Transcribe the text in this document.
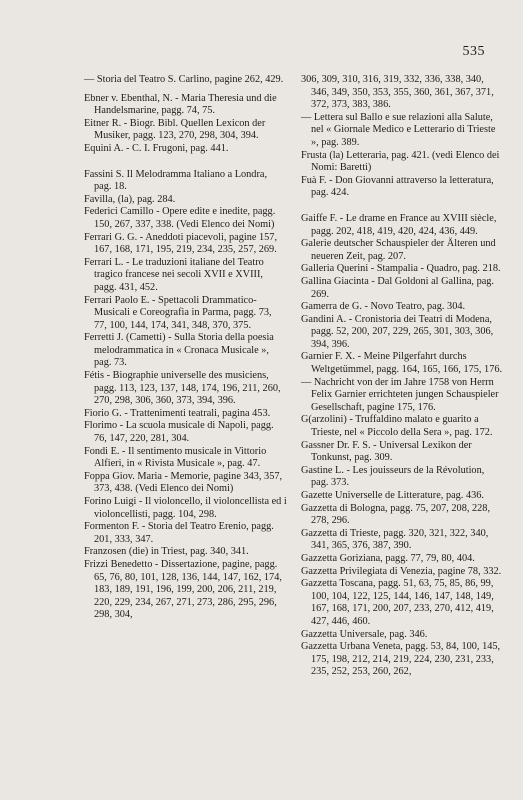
535

— Storia del Teatro S. Carlino, pagine 262, 429.

Ebner v. Ebenthal, N. - Maria Theresia und die Handelsmarine, pagg. 74, 75.

Eitner R. - Biogr. Bibl. Quellen Lexicon der Musiker, pagg. 123, 270, 298, 304, 394.

Equini A. - C. I. Frugoni, pag. 441.

Fassini S. Il Melodramma Italiano a Londra, pag. 18.

Favilla, (la), pag. 284.

Federici Camillo - Opere edite e inedite, pagg. 150, 267, 337, 338. (Vedi Elenco dei Nomi)

Ferrari G. G. - Aneddoti piacevoli, pagine 157, 167, 168, 171, 195, 219, 234, 235, 257, 269.

Ferrari L. - Le traduzioni italiane del Teatro tragico francese nei secoli XVII e XVIII, pagg. 431, 452.

Ferrari Paolo E. - Spettacoli Drammatico-Musicali e Coreografia in Parma, pagg. 73, 77, 100, 144, 174, 341, 348, 370, 375.

Ferretti J. (Cametti) - Sulla Storia della poesia melodrammatica in « Cronaca Musicale », pag. 73.

Fétis - Biographie universelle des musiciens, pagg. 113, 123, 137, 148, 174, 196, 211, 260, 270, 298, 306, 360, 373, 394, 396.

Fiorio G. - Trattenimenti teatrali, pagina 453.

Florimo - La scuola musicale di Napoli, pagg. 76, 147, 220, 281, 304.

Fondi E. - Il sentimento musicale in Vittorio Alfieri, in « Rivista Musicale », pag. 47.

Foppa Giov. Maria - Memorie, pagine 343, 357, 373, 438. (Vedi Elenco dei Nomi)

Forino Luigi - Il violoncello, il violoncellista ed i violoncellisti, pagg. 104, 298.

Formenton F. - Storia del Teatro Erenio, pagg. 201, 333, 347.

Franzosen (die) in Triest, pag. 340, 341.

Frizzi Benedetto - Dissertazione, pagine, pagg. 65, 76, 80, 101, 128, 136, 144, 147, 162, 174, 183, 189, 191, 196, 199, 200, 206, 211, 219, 220, 229, 234, 267, 271, 273, 286, 295, 296, 298, 304,

306, 309, 310, 316, 319, 332, 336, 338, 340, 346, 349, 350, 353, 355, 360, 361, 367, 371, 372, 373, 383, 386.

— Lettera sul Ballo e sue relazioni alla Salute, nel « Giornale Medico e Letterario di Trieste », pag. 389.

Frusta (la) Letteraria, pag. 421. (vedi Elenco dei Nomi: Baretti)

Fuà F. - Don Giovanni attraverso la letteratura, pag. 424.

Gaiffe F. - Le drame en France au XVIII siècle, pagg. 202, 418, 419, 420, 424, 436, 449.

Galerie deutscher Schauspieler der Älteren und neueren Zeit, pag. 207.

Galleria Querini - Stampalia - Quadro, pag. 218.

Gallina Giacinta - Dal Goldoni al Gallina, pag. 269.

Gamerra de G. - Novo Teatro, pag. 304.

Gandini A. - Cronistoria dei Teatri di Modena, pagg. 52, 200, 207, 229, 265, 301, 303, 306, 394, 396.

Garnier F. X. - Meine Pilgerfahrt durchs Weltgetümmel, pagg. 164, 165, 166, 175, 176.

— Nachricht von der im Jahre 1758 von Herrn Felix Garnier errichteten jungen Schauspieler Gesellschaft, pagine 175, 176.

G(arzolini) - Truffaldino malato e guarito a Trieste, nel « Piccolo della Sera », pag. 172.

Gassner Dr. F. S. - Universal Lexikon der Tonkunst, pag. 309.

Gastine L. - Les jouisseurs de la Révolution, pag. 373.

Gazette Universelle de Litterature, pag. 436.

Gazzetta di Bologna, pagg. 75, 207, 208, 228, 278, 296.

Gazzetta di Trieste, pagg. 320, 321, 322, 340, 341, 365, 376, 387, 390.

Gazzetta Goriziana, pagg. 77, 79, 80, 404.

Gazzetta Privilegiata di Venezia, pagine 78, 332.

Gazzetta Toscana, pagg. 51, 63, 75, 85, 86, 99, 100, 104, 122, 125, 144, 146, 147, 148, 149, 167, 168, 171, 200, 207, 233, 270, 412, 419, 427, 446, 460.

Gazzetta Universale, pag. 346.

Gazzetta Urbana Veneta, pagg. 53, 84, 100, 145, 175, 198, 212, 214, 219, 224, 230, 231, 233, 235, 252, 253, 260, 262,
